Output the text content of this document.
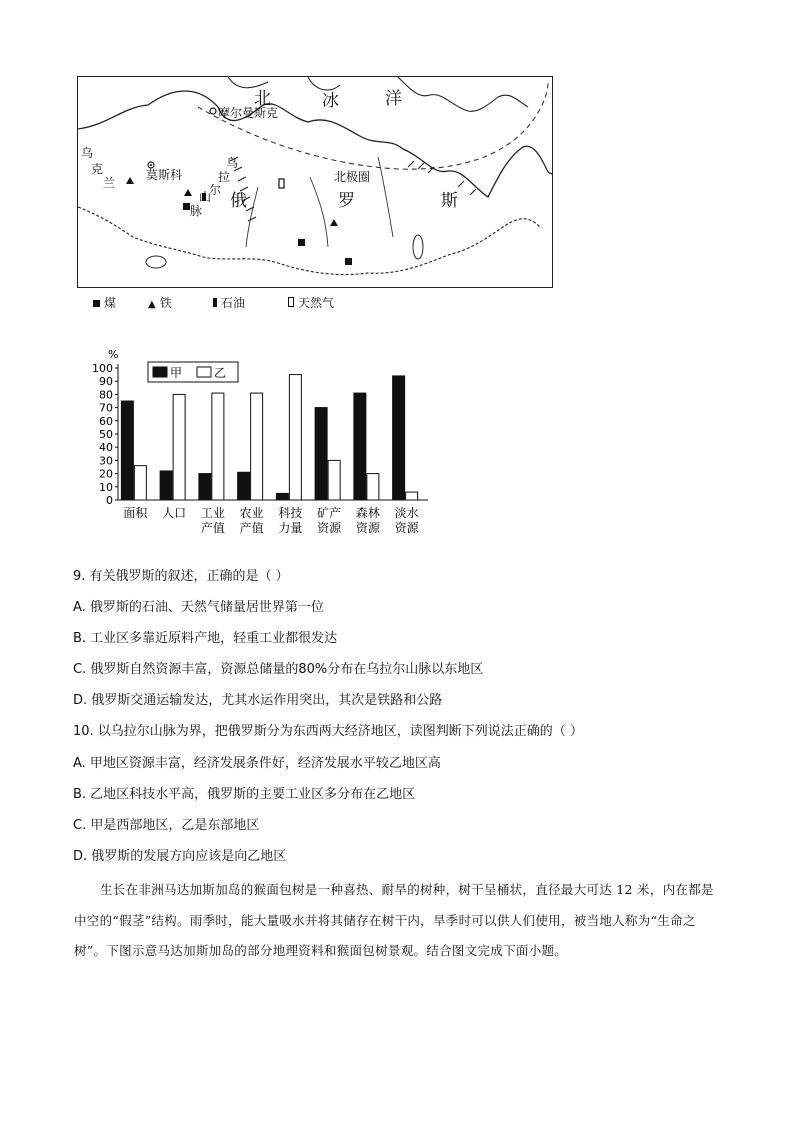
北	冰	洋
摩尔曼斯克
莫斯科	北极圈
乌
克
兰
乌
拉
尔
山
脉 俄	罗	斯
煤	▲ 铁	石油	天然气
%
0
10
20
30
40
50
60
70
80
90
100
面积 人口 工业
产值
农业
产值
科技
力量
矿产
资源
森林
资源
淡水
资源
甲	乙
9. 有关俄罗斯的叙述，正确的是（ ）
A. 俄罗斯的石油、天然气储量居世界第一位
B. 工业区多靠近原料产地，轻重工业都很发达
C. 俄罗斯自然资源丰富，资源总储量的80%分布在乌拉尔山脉以东地区
D. 俄罗斯交通运输发达，尤其水运作用突出，其次是铁路和公路
10. 以乌拉尔山脉为界，把俄罗斯分为东西两大经济地区，读图判断下列说法正确的（ ）
A. 甲地区资源丰富，经济发展条件好，经济发展水平较乙地区高
B. 乙地区科技水平高，俄罗斯的主要工业区多分布在乙地区
C. 甲是西部地区，乙是东部地区
D. 俄罗斯的发展方向应该是向乙地区
生长在非洲马达加斯加岛的猴面包树是一种喜热、耐旱的树种，树干呈桶状，直径最大可达 12 米，内在都是中空的“假茎”结构。雨季时，能大量吸水并将其储存在树干内，旱季时可以供人们使用，被当地人称为“生命之树”。下图示意马达加斯加岛的部分地理资料和猴面包树景观。结合图文完成下面小题。
